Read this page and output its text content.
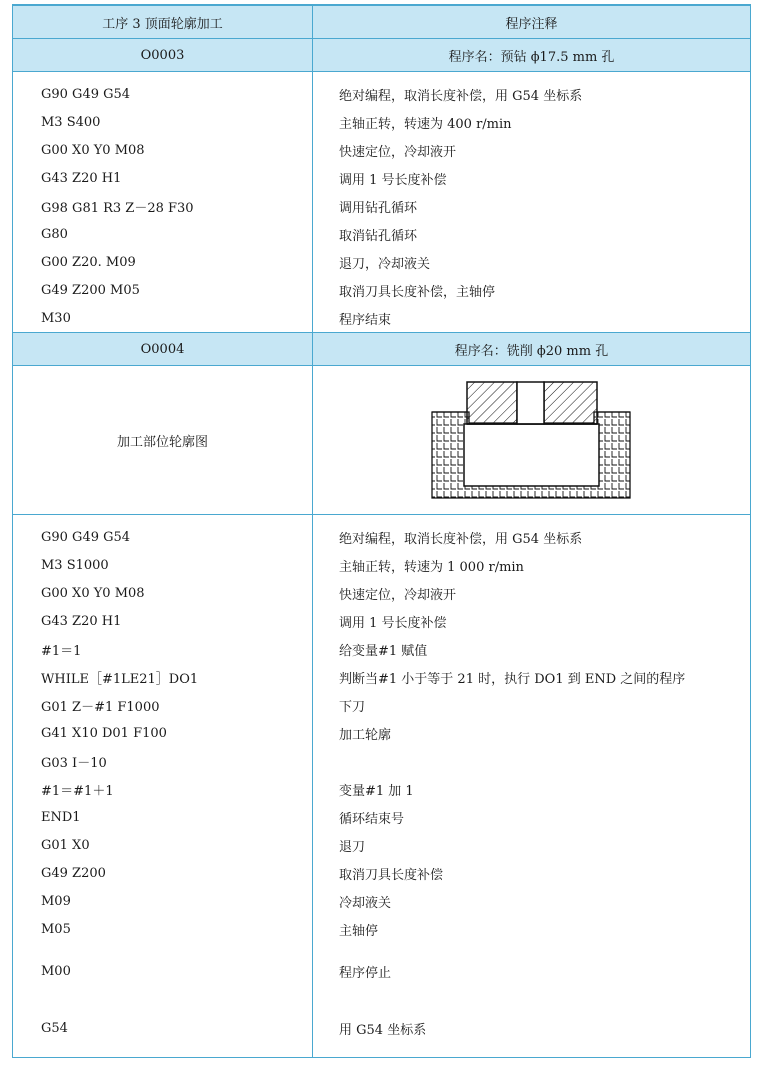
工序 3 顶面轮廓加工	程序注释
O0003	程序名：预钻 ϕ17.5 mm 孔
G90 G49 G54	绝对编程，取消长度补偿，用 G54 坐标系
M3 S400	主轴正转，转速为 400 r/min
G00 X0 Y0 M08	快速定位，冷却液开
G43 Z20 H1	调用 1 号长度补偿
G98 G81 R3 Z－28 F30	调用钻孔循环
G80	取消钻孔循环
G00 Z20. M09	退刀，冷却液关
G49 Z200 M05	取消刀具长度补偿，主轴停
M30	程序结束
O0004	程序名：铣削 ϕ20 mm 孔
加工部位轮廓图	

G90 G49 G54	绝对编程，取消长度补偿，用 G54 坐标系
M3 S1000	主轴正转，转速为 1 000 r/min
G00 X0 Y0 M08	快速定位，冷却液开
G43 Z20 H1	调用 1 号长度补偿
#1＝1	给变量#1 赋值
WHILE［#1LE21］DO1	判断当#1 小于等于 21 时，执行 DO1 到 END 之间的程序
G01 Z－#1 F1000	下刀
G41 X10 D01 F100	加工轮廓
G03 I－10	
#1＝#1＋1	变量#1 加 1
END1	循环结束号
G01 X0	退刀
G49 Z200	取消刀具长度补偿
M09	冷却液关
M05	主轴停
M00	程序停止
G54	用 G54 坐标系
